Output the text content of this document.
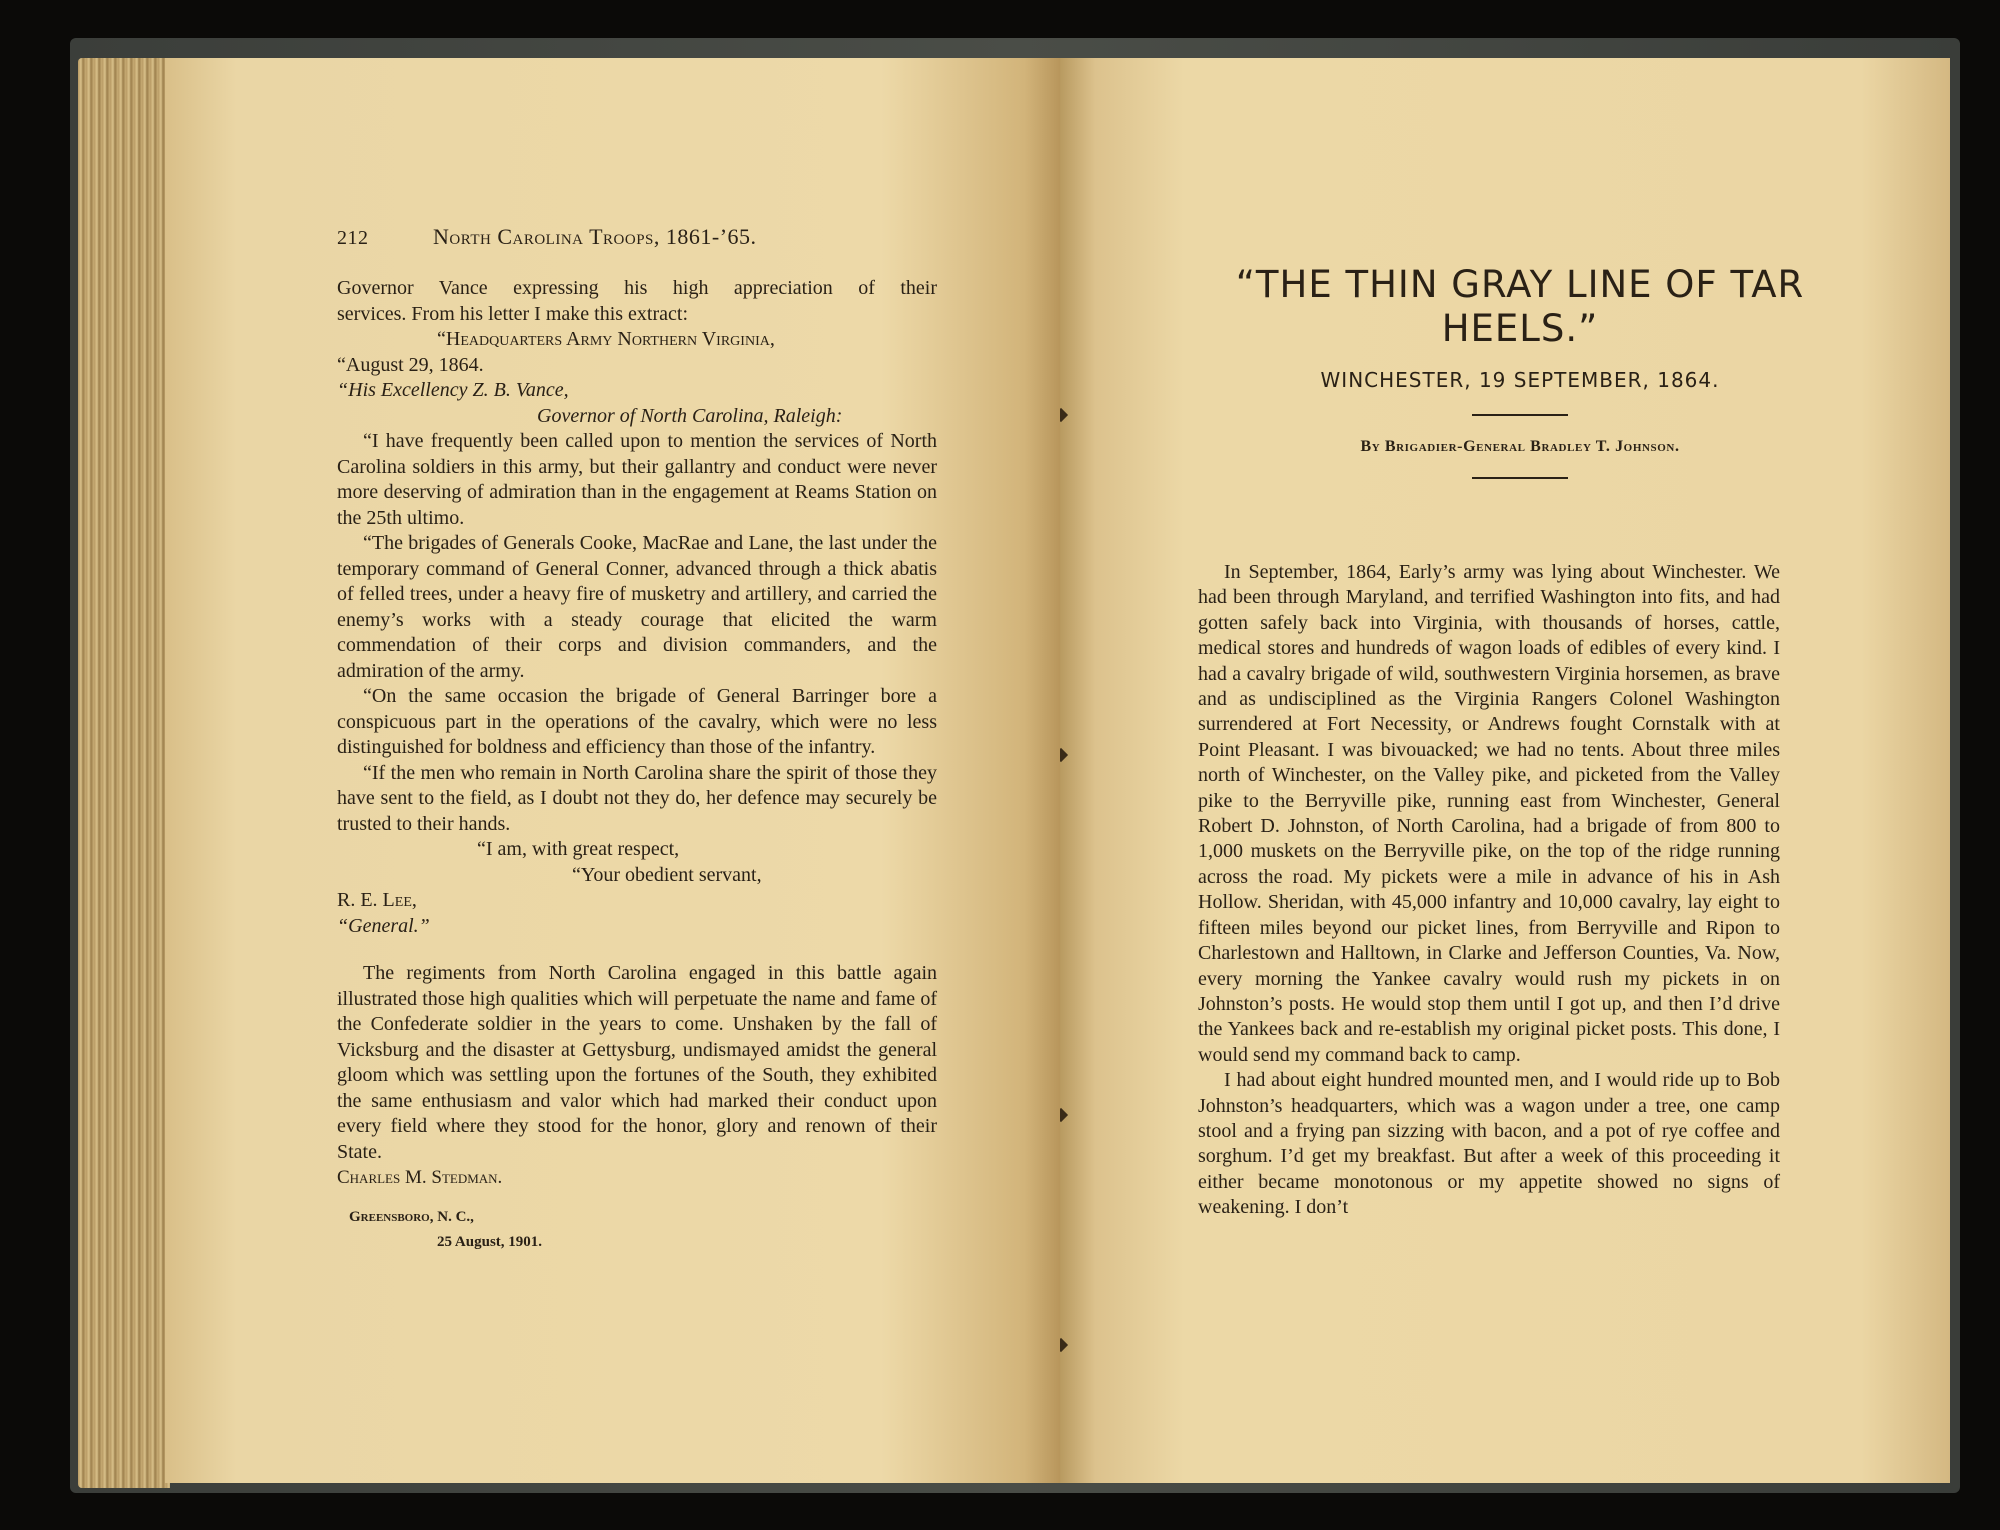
212	North Carolina Troops, 1861-’65.

Governor Vance expressing his high appreciation of their

services. From his letter I make this extract:

“Headquarters Army Northern Virginia,

“August 29, 1864.

“His Excellency Z. B. Vance,

Governor of North Carolina, Raleigh:

“I have frequently been called upon to mention the services of North Carolina soldiers in this army, but their gallantry and conduct were never more deserving of admiration than in the engagement at Reams Station on the 25th ultimo.

“The brigades of Generals Cooke, MacRae and Lane, the last under the temporary command of General Conner, advanced through a thick abatis of felled trees, under a heavy fire of musketry and artillery, and carried the enemy’s works with a steady courage that elicited the warm commendation of their corps and division commanders, and the admiration of the army.

“On the same occasion the brigade of General Barringer bore a conspicuous part in the operations of the cavalry, which were no less distinguished for boldness and efficiency than those of the infantry.

“If the men who remain in North Carolina share the spirit of those they have sent to the field, as I doubt not they do, her defence may securely be trusted to their hands.

“I am, with great respect,

“Your obedient servant,

R. E. Lee,

“General.”

The regiments from North Carolina engaged in this battle again illustrated those high qualities which will perpetuate the name and fame of the Confederate soldier in the years to come. Unshaken by the fall of Vicksburg and the disaster at Gettysburg, undismayed amidst the general gloom which was settling upon the fortunes of the South, they exhibited the same enthusiasm and valor which had marked their conduct upon every field where they stood for the honor, glory and renown of their State.

Charles M. Stedman.

Greensboro, N. C.,

25 August, 1901.

“THE THIN GRAY LINE OF TAR
HEELS.”
WINCHESTER, 19 SEPTEMBER, 1864.
By Brigadier-General Bradley T. Johnson.

In September, 1864, Early’s army was lying about Winchester. We had been through Maryland, and terrified Washington into fits, and had gotten safely back into Virginia, with thousands of horses, cattle, medical stores and hundreds of wagon loads of edibles of every kind. I had a cavalry brigade of wild, southwestern Virginia horsemen, as brave and as undisciplined as the Virginia Rangers Colonel Washington surrendered at Fort Necessity, or Andrews fought Cornstalk with at Point Pleasant. I was bivouacked; we had no tents. About three miles north of Winchester, on the Valley pike, and picketed from the Valley pike to the Berryville pike, running east from Winchester, General Robert D. Johnston, of North Carolina, had a brigade of from 800 to 1,000 muskets on the Berryville pike, on the top of the ridge running across the road. My pickets were a mile in advance of his in Ash Hollow. Sheridan, with 45,000 infantry and 10,000 cavalry, lay eight to fifteen miles beyond our picket lines, from Berryville and Ripon to Charlestown and Halltown, in Clarke and Jefferson Counties, Va. Now, every morning the Yankee cavalry would rush my pickets in on Johnston’s posts. He would stop them until I got up, and then I’d drive the Yankees back and re-establish my original picket posts. This done, I would send my command back to camp.

I had about eight hundred mounted men, and I would ride up to Bob Johnston’s headquarters, which was a wagon under a tree, one camp stool and a frying pan sizzing with bacon, and a pot of rye coffee and sorghum. I’d get my breakfast. But after a week of this proceeding it either became monotonous or my appetite showed no signs of weakening. I don’t
